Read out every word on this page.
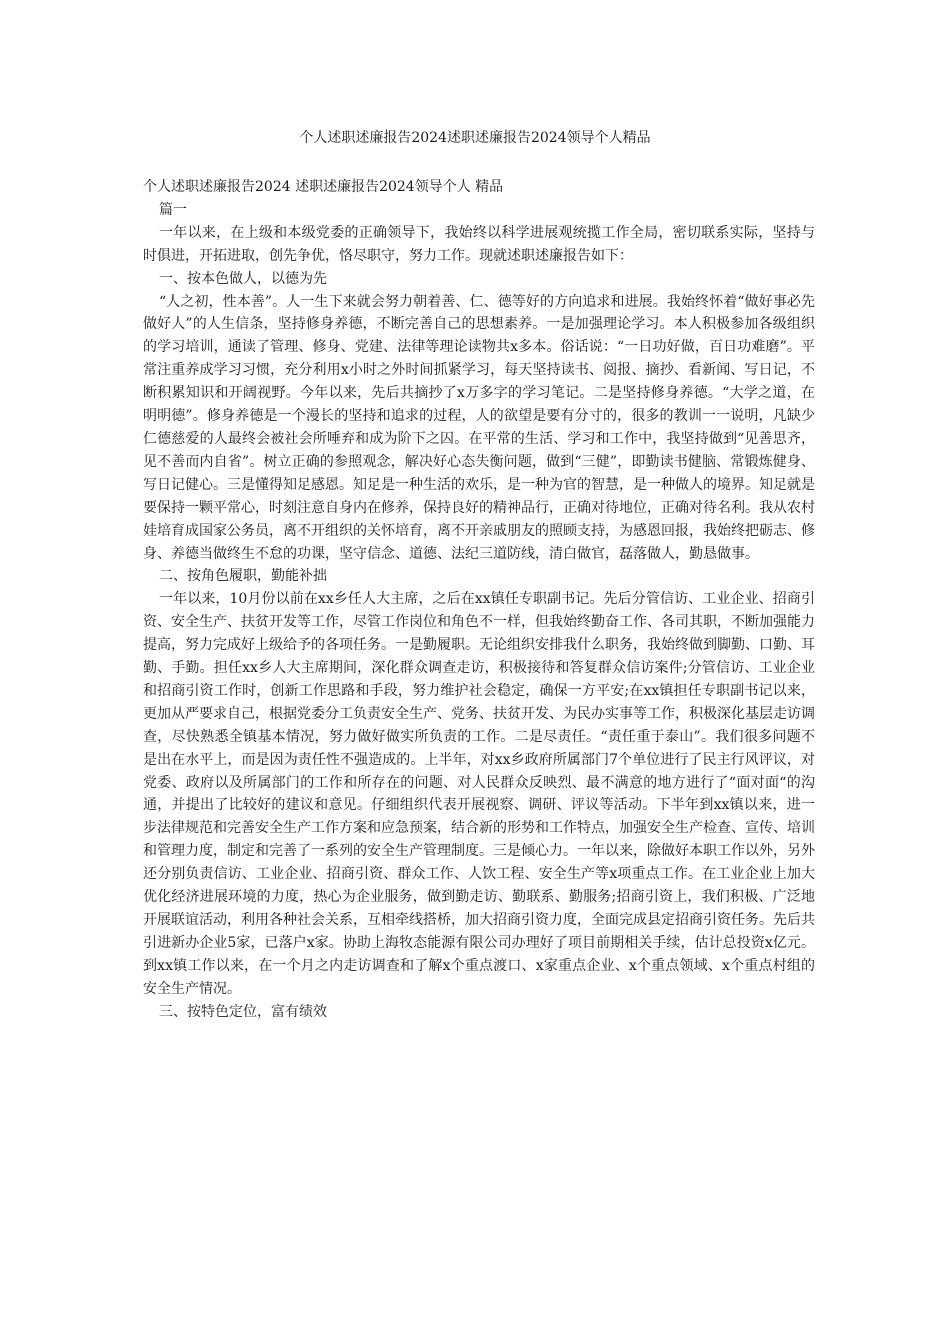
个人述职述廉报告2024述职述廉报告2024领导个人精品

个人述职述廉报告2024 述职述廉报告2024领导个人 精品

篇一

一年以来，在上级和本级党委的正确领导下，我始终以科学进展观统揽工作全局，密切联系实际，坚持与时俱进，开拓进取，创先争优，恪尽职守，努力工作。现就述职述廉报告如下：

一、按本色做人，以德为先

“人之初，性本善”。人一生下来就会努力朝着善、仁、德等好的方向追求和进展。我始终怀着“做好事必先做好人”的人生信条，坚持修身养德，不断完善自己的思想素养。一是加强理论学习。本人积极参加各级组织的学习培训，通读了管理、修身、党建、法律等理论读物共x多本。俗话说：“一日功好做，百日功难磨”。平常注重养成学习习惯，充分利用x小时之外时间抓紧学习，每天坚持读书、阅报、摘抄、看新闻、写日记，不断积累知识和开阔视野。今年以来，先后共摘抄了x万多字的学习笔记。二是坚持修身养德。“大学之道，在明明德”。修身养德是一个漫长的坚持和追求的过程，人的欲望是要有分寸的，很多的教训一一说明，凡缺少仁德慈爱的人最终会被社会所唾弃和成为阶下之囚。在平常的生活、学习和工作中，我坚持做到“见善思齐，见不善而内自省”。树立正确的参照观念，解决好心态失衡问题，做到“三健”，即勤读书健脑、常锻炼健身、写日记健心。三是懂得知足感恩。知足是一种生活的欢乐，是一种为官的智慧，是一种做人的境界。知足就是要保持一颗平常心，时刻注意自身内在修养，保持良好的精神品行，正确对待地位，正确对待名利。我从农村娃培育成国家公务员，离不开组织的关怀培育，离不开亲戚朋友的照顾支持，为感恩回报，我始终把砺志、修身、养德当做终生不怠的功课，坚守信念、道德、法纪三道防线，清白做官，磊落做人，勤恳做事。

二、按角色履职，勤能补拙

一年以来，10月份以前在xx乡任人大主席，之后在xx镇任专职副书记。先后分管信访、工业企业、招商引资、安全生产、扶贫开发等工作，尽管工作岗位和角色不一样，但我始终勤奋工作、各司其职，不断加强能力提高，努力完成好上级给予的各项任务。一是勤履职。无论组织安排我什么职务，我始终做到脚勤、口勤、耳勤、手勤。担任xx乡人大主席期间，深化群众调查走访，积极接待和答复群众信访案件;分管信访、工业企业和招商引资工作时，创新工作思路和手段，努力维护社会稳定，确保一方平安;在xx镇担任专职副书记以来，更加从严要求自己，根据党委分工负责安全生产、党务、扶贫开发、为民办实事等工作，积极深化基层走访调查，尽快熟悉全镇基本情况，努力做好做实所负责的工作。二是尽责任。“责任重于泰山”。我们很多问题不是出在水平上，而是因为责任性不强造成的。上半年，对xx乡政府所属部门7个单位进行了民主行风评议，对党委、政府以及所属部门的工作和所存在的问题、对人民群众反映烈、最不满意的地方进行了“面对面“的沟通，并提出了比较好的建议和意见。仔细组织代表开展视察、调研、评议等活动。下半年到xx镇以来，进一步法律规范和完善安全生产工作方案和应急预案，结合新的形势和工作特点，加强安全生产检查、宣传、培训和管理力度，制定和完善了一系列的安全生产管理制度。三是倾心力。一年以来，除做好本职工作以外，另外还分别负责信访、工业企业、招商引资、群众工作、人饮工程、安全生产等x项重点工作。在工业企业上加大优化经济进展环境的力度，热心为企业服务，做到勤走访、勤联系、勤服务;招商引资上，我们积极、广泛地开展联谊活动，利用各种社会关系，互相牵线搭桥，加大招商引资力度，全面完成县定招商引资任务。先后共引进新办企业5家，已落户x家。协助上海牧态能源有限公司办理好了项目前期相关手续，估计总投资x亿元。到xx镇工作以来，在一个月之内走访调查和了解x个重点渡口、x家重点企业、x个重点领域、x个重点村组的安全生产情况。

三、按特色定位，富有绩效
